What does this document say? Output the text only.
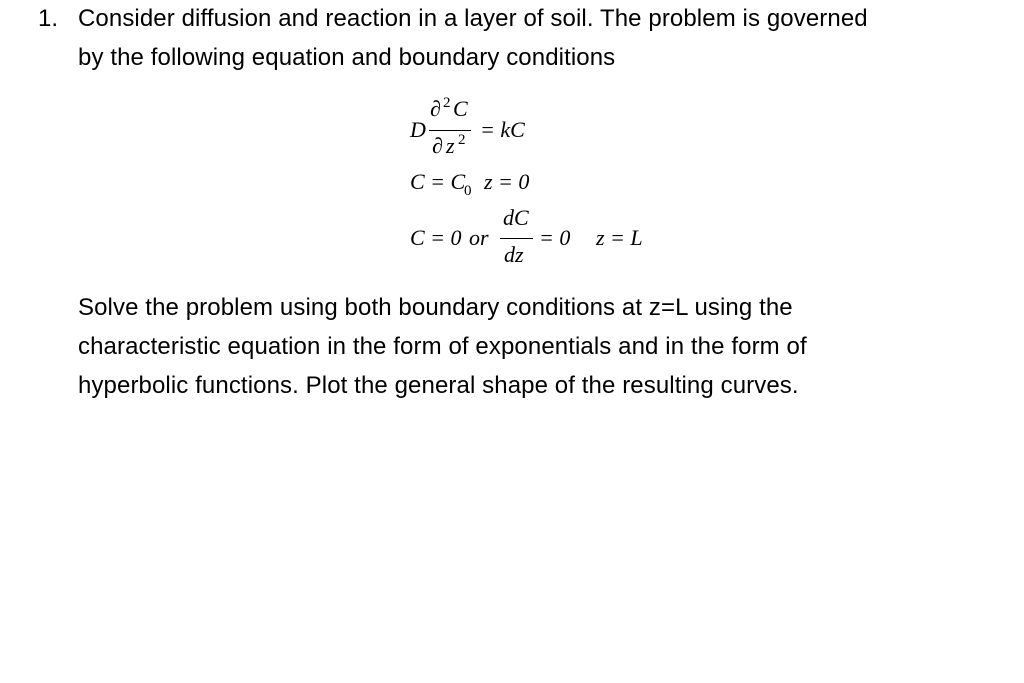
1. Consider diffusion and reaction in a layer of soil. The problem is governed
by the following equation and boundary conditions
D
∂ 2 C
∂ z 2 = kC
C = C
0 z = 0
C = 0 or
dC
dz
= 0 z = L
Solve the problem using both boundary conditions at z=L using the
characteristic equation in the form of exponentials and in the form of
hyperbolic functions. Plot the general shape of the resulting curves.
